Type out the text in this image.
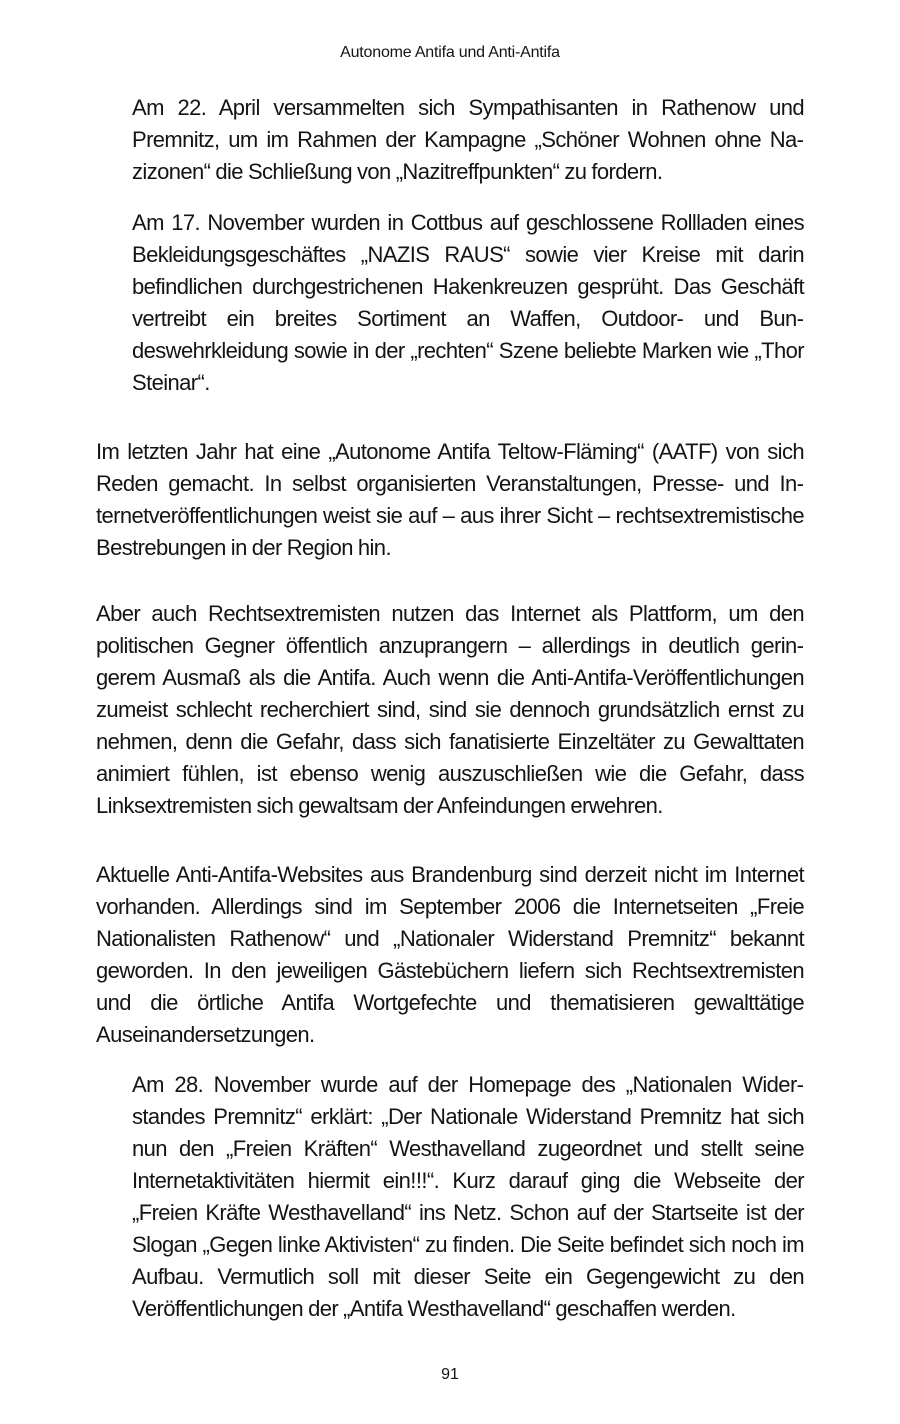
Autonome Antifa und Anti-Antifa

Am 22. April versammelten sich Sympathisanten in Rathenow und Premnitz, um im Rahmen der Kampagne „Schöner Wohnen ohne Nazizonen“ die Schließung von „Nazitreffpunkten“ zu fordern.

Am 17. November wurden in Cottbus auf geschlossene Rollladen eines Bekleidungsgeschäftes „NAZIS RAUS“ sowie vier Kreise mit darin befindlichen durchgestrichenen Hakenkreuzen gesprüht. Das Geschäft vertreibt ein breites Sortiment an Waffen, Outdoor- und Bundeswehrkleidung sowie in der „rechten“ Szene beliebte Marken wie „Thor Steinar“.

Im letzten Jahr hat eine „Autonome Antifa Teltow-Fläming“ (AATF) von sich Reden gemacht. In selbst organisierten Veranstaltungen, Presse- und Internetveröffentlichungen weist sie auf – aus ihrer Sicht – rechtsextremistische Bestrebungen in der Region hin.

Aber auch Rechtsextremisten nutzen das Internet als Plattform, um den politischen Gegner öffentlich anzuprangern – allerdings in deutlich geringerem Ausmaß als die Antifa. Auch wenn die Anti-Antifa-Veröffentlichungen zumeist schlecht recherchiert sind, sind sie dennoch grundsätzlich ernst zu nehmen, denn die Gefahr, dass sich fanatisierte Einzeltäter zu Gewalttaten animiert fühlen, ist ebenso wenig auszuschließen wie die Gefahr, dass Linksextremisten sich gewaltsam der Anfeindungen erwehren.

Aktuelle Anti-Antifa-Websites aus Brandenburg sind derzeit nicht im Internet vorhanden. Allerdings sind im September 2006 die Internetseiten „Freie Nationalisten Rathenow“ und „Nationaler Widerstand Premnitz“ bekannt geworden. In den jeweiligen Gästebüchern liefern sich Rechtsextremisten und die örtliche Antifa Wortgefechte und thematisieren gewalttätige Auseinandersetzungen.

Am 28. November wurde auf der Homepage des „Nationalen Widerstandes Premnitz“ erklärt: „Der Nationale Widerstand Premnitz hat sich nun den „Freien Kräften“ Westhavelland zugeordnet und stellt seine Internetaktivitäten hiermit ein!!!“. Kurz darauf ging die Webseite der „Freien Kräfte Westhavelland“ ins Netz. Schon auf der Startseite ist der Slogan „Gegen linke Aktivisten“ zu finden. Die Seite befindet sich noch im Aufbau. Vermutlich soll mit dieser Seite ein Gegengewicht zu den Veröffentlichungen der „Antifa Westhavelland“ geschaffen werden.

91
